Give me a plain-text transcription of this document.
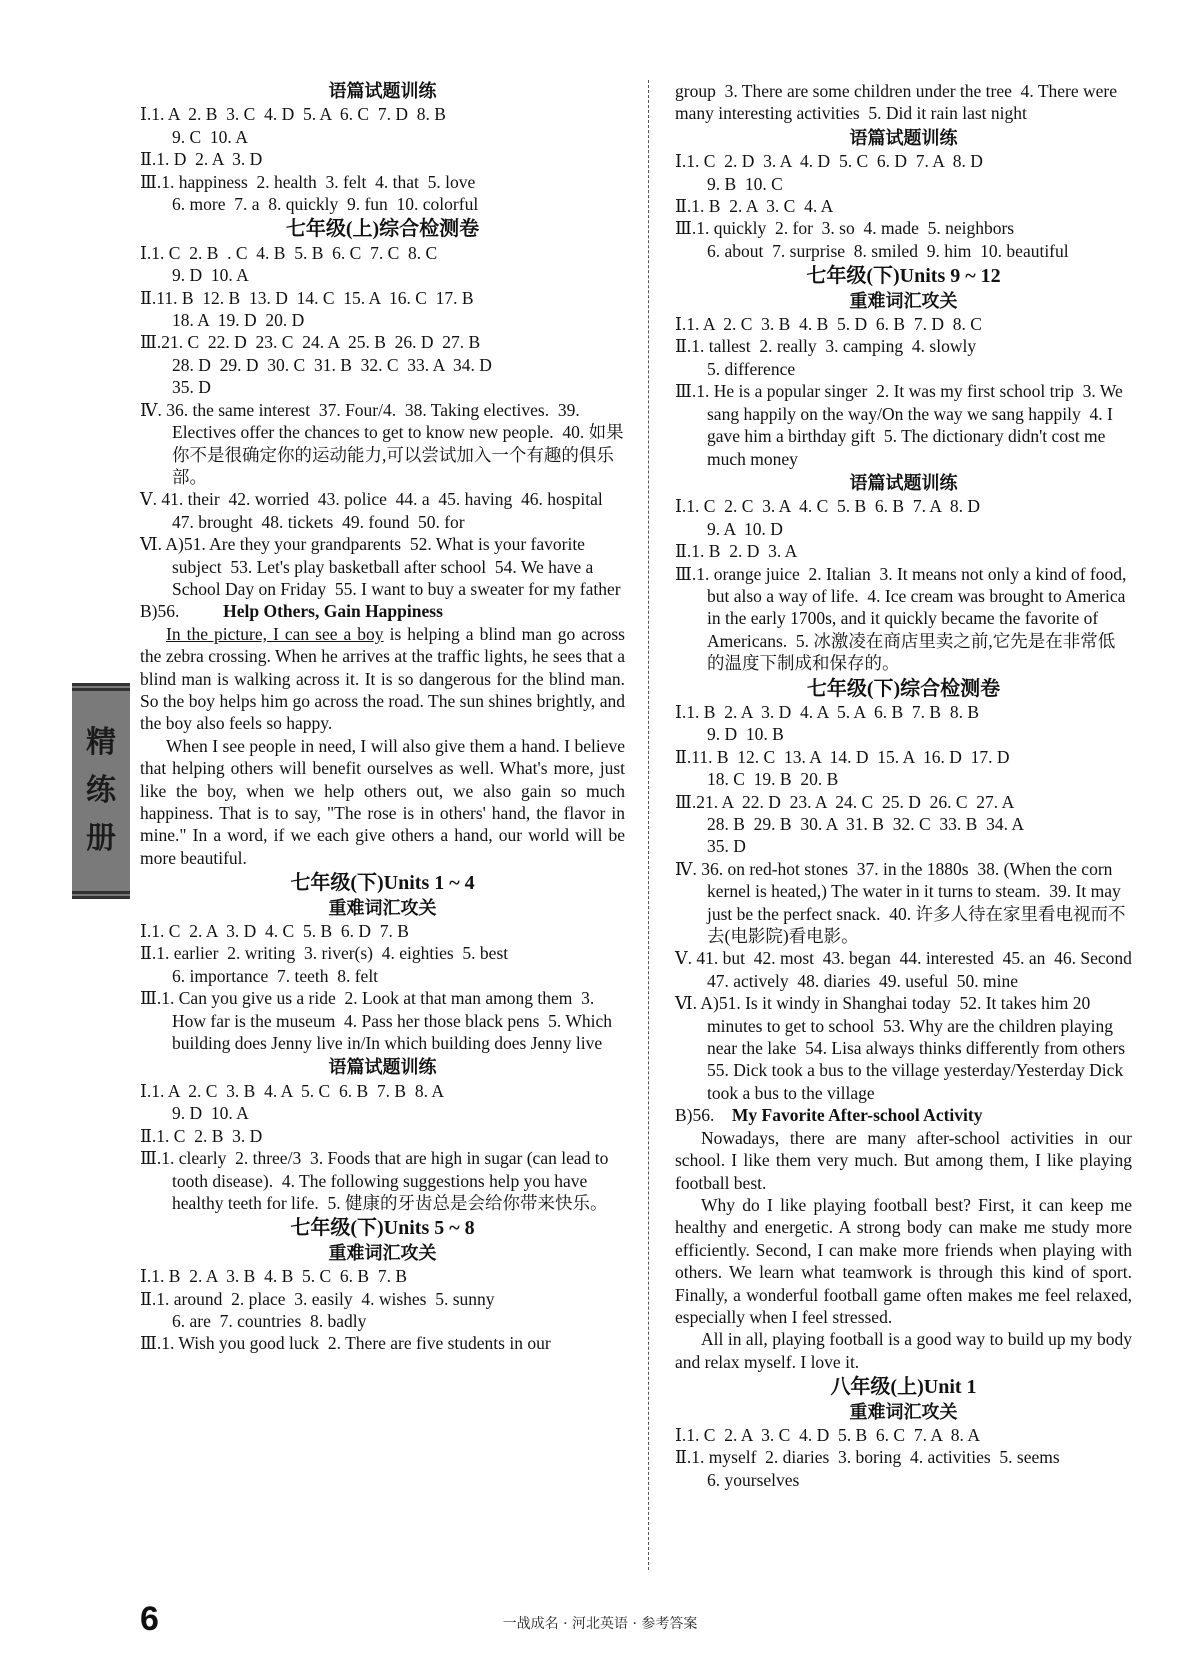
精
练
册
语篇试题训练
Ⅰ.1. A  2. B  3. C  4. D  5. A  6. C  7. D  8. B
9. C  10. A
Ⅱ.1. D  2. A  3. D
Ⅲ.1. happiness  2. health  3. felt  4. that  5. love
6. more  7. a  8. quickly  9. fun  10. colorful
七年级(上)综合检测卷
Ⅰ.1. C  2. B  . C  4. B  5. B  6. C  7. C  8. C
9. D  10. A
Ⅱ.11. B  12. B  13. D  14. C  15. A  16. C  17. B
18. A  19. D  20. D
Ⅲ.21. C  22. D  23. C  24. A  25. B  26. D  27. B
28. D  29. D  30. C  31. B  32. C  33. A  34. D
35. D
Ⅳ. 36. the same interest  37. Four/4.  38. Taking electives.  39. Electives offer the chances to get to know new people.  40. 如果你不是很确定你的运动能力,可以尝试加入一个有趣的俱乐部。
Ⅴ. 41. their  42. worried  43. police  44. a  45. having  46. hospital  47. brought  48. tickets  49. found  50. for
Ⅵ. A)51. Are they your grandparents  52. What is your favorite subject  53. Let's play basketball after school  54. We have a School Day on Friday  55. I want to buy a sweater for my father
B)56.	Help Others, Gain Happiness
In the picture, I can see a boy is helping a blind man go across the zebra crossing. When he arrives at the traffic lights, he sees that a blind man is walking across it. It is so dangerous for the blind man. So the boy helps him go across the road. The sun shines brightly, and the boy also feels so happy.
When I see people in need, I will also give them a hand. I believe that helping others will benefit ourselves as well. What's more, just like the boy, when we help others out, we also gain so much happiness. That is to say, "The rose is in others' hand, the flavor in mine." In a word, if we each give others a hand, our world will be more beautiful.
七年级(下)Units 1 ~ 4
重难词汇攻关
Ⅰ.1. C  2. A  3. D  4. C  5. B  6. D  7. B
Ⅱ.1. earlier  2. writing  3. river(s)  4. eighties  5. best
6. importance  7. teeth  8. felt
Ⅲ.1. Can you give us a ride  2. Look at that man among them  3. How far is the museum  4. Pass her those black pens  5. Which building does Jenny live in/In which building does Jenny live
语篇试题训练
Ⅰ.1. A  2. C  3. B  4. A  5. C  6. B  7. B  8. A
9. D  10. A
Ⅱ.1. C  2. B  3. D
Ⅲ.1. clearly  2. three/3  3. Foods that are high in sugar (can lead to tooth disease).  4. The following suggestions help you have healthy teeth for life.  5. 健康的牙齿总是会给你带来快乐。
七年级(下)Units 5 ~ 8
重难词汇攻关
Ⅰ.1. B  2. A  3. B  4. B  5. C  6. B  7. B
Ⅱ.1. around  2. place  3. easily  4. wishes  5. sunny
6. are  7. countries  8. badly
Ⅲ.1. Wish you good luck  2. There are five students in our
group  3. There are some children under the tree  4. There were many interesting activities  5. Did it rain last night
语篇试题训练
Ⅰ.1. C  2. D  3. A  4. D  5. C  6. D  7. A  8. D
9. B  10. C
Ⅱ.1. B  2. A  3. C  4. A
Ⅲ.1. quickly  2. for  3. so  4. made  5. neighbors
6. about  7. surprise  8. smiled  9. him  10. beautiful
七年级(下)Units 9 ~ 12
重难词汇攻关
Ⅰ.1. A  2. C  3. B  4. B  5. D  6. B  7. D  8. C
Ⅱ.1. tallest  2. really  3. camping  4. slowly
5. difference
Ⅲ.1. He is a popular singer  2. It was my first school trip  3. We sang happily on the way/On the way we sang happily  4. I gave him a birthday gift  5. The dictionary didn't cost me much money
语篇试题训练
Ⅰ.1. C  2. C  3. A  4. C  5. B  6. B  7. A  8. D
9. A  10. D
Ⅱ.1. B  2. D  3. A
Ⅲ.1. orange juice  2. Italian  3. It means not only a kind of food, but also a way of life.  4. Ice cream was brought to America in the early 1700s, and it quickly became the favorite of Americans.  5. 冰激凌在商店里卖之前,它先是在非常低的温度下制成和保存的。
七年级(下)综合检测卷
Ⅰ.1. B  2. A  3. D  4. A  5. A  6. B  7. B  8. B
9. D  10. B
Ⅱ.11. B  12. C  13. A  14. D  15. A  16. D  17. D
18. C  19. B  20. B
Ⅲ.21. A  22. D  23. A  24. C  25. D  26. C  27. A
28. B  29. B  30. A  31. B  32. C  33. B  34. A
35. D
Ⅳ. 36. on red-hot stones  37. in the 1880s  38. (When the corn kernel is heated,) The water in it turns to steam.  39. It may just be the perfect snack.  40. 许多人待在家里看电视而不去(电影院)看电影。
Ⅴ. 41. but  42. most  43. began  44. interested  45. an  46. Second  47. actively  48. diaries  49. useful  50. mine
Ⅵ. A)51. Is it windy in Shanghai today  52. It takes him 20 minutes to get to school  53. Why are the children playing near the lake  54. Lisa always thinks differently from others  55. Dick took a bus to the village yesterday/Yesterday Dick took a bus to the village
B)56. My Favorite After-school Activity
Nowadays, there are many after-school activities in our school. I like them very much. But among them, I like playing football best.
Why do I like playing football best? First, it can keep me healthy and energetic. A strong body can make me study more efficiently. Second, I can make more friends when playing with others. We learn what teamwork is through this kind of sport. Finally, a wonderful football game often makes me feel relaxed, especially when I feel stressed.
All in all, playing football is a good way to build up my body and relax myself. I love it.
八年级(上)Unit 1
重难词汇攻关
Ⅰ.1. C  2. A  3. C  4. D  5. B  6. C  7. A  8. A
Ⅱ.1. myself  2. diaries  3. boring  4. activities  5. seems
6. yourselves
6	一战成名 · 河北英语 · 参考答案
